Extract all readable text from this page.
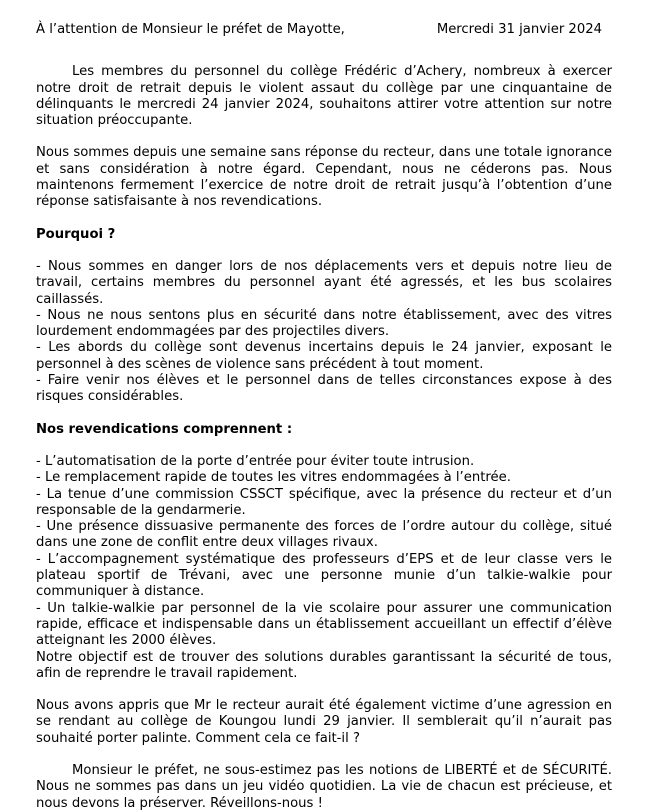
À l’attention de Monsieur le préfet de Mayotte,	Mercredi 31 janvier 2024

Les membres du personnel du collège Frédéric d’Achery, nombreux à exercer notre droit de retrait depuis le violent assaut du collège par une cinquantaine de délinquants le mercredi 24 janvier 2024, souhaitons attirer votre attention sur notre situation préoccupante.

Nous sommes depuis une semaine sans réponse du recteur, dans une totale ignorance et sans considération à notre égard. Cependant, nous ne céderons pas. Nous maintenons fermement l’exercice de notre droit de retrait jusqu’à l’obtention d’une réponse satisfaisante à nos revendications.

Pourquoi ?

- Nous sommes en danger lors de nos déplacements vers et depuis notre lieu de travail, certains membres du personnel ayant été agressés, et les bus scolaires caillassés.

- Nous ne nous sentons plus en sécurité dans notre établissement, avec des vitres lourdement endommagées par des projectiles divers.

- Les abords du collège sont devenus incertains depuis le 24 janvier, exposant le personnel à des scènes de violence sans précédent à tout moment.

- Faire venir nos élèves et le personnel dans de telles circonstances expose à des risques considérables.

Nos revendications comprennent :

- L’automatisation de la porte d’entrée pour éviter toute intrusion.

- Le remplacement rapide de toutes les vitres endommagées à l’entrée.

- La tenue d’une commission CSSCT spécifique, avec la présence du recteur et d’un responsable de la gendarmerie.

- Une présence dissuasive permanente des forces de l’ordre autour du collège, situé dans une zone de conflit entre deux villages rivaux.

- L’accompagnement systématique des professeurs d’EPS et de leur classe vers le plateau sportif de Trévani, avec une personne munie d’un talkie-walkie pour communiquer à distance.

- Un talkie-walkie par personnel de la vie scolaire pour assurer une communication rapide, efficace et indispensable dans un établissement accueillant un effectif d’élève atteignant les 2000 élèves.

Notre objectif est de trouver des solutions durables garantissant la sécurité de tous, afin de reprendre le travail rapidement.

Nous avons appris que Mr le recteur aurait été également victime d’une agression en se rendant au collège de Koungou lundi 29 janvier. Il semblerait qu’il n’aurait pas souhaité porter palinte. Comment cela ce fait-il ?

Monsieur le préfet, ne sous-estimez pas les notions de LIBERTÉ et de SÉCURITÉ. Nous ne sommes pas dans un jeu vidéo quotidien. La vie de chacun est précieuse, et nous devons la préserver. Réveillons-nous !
